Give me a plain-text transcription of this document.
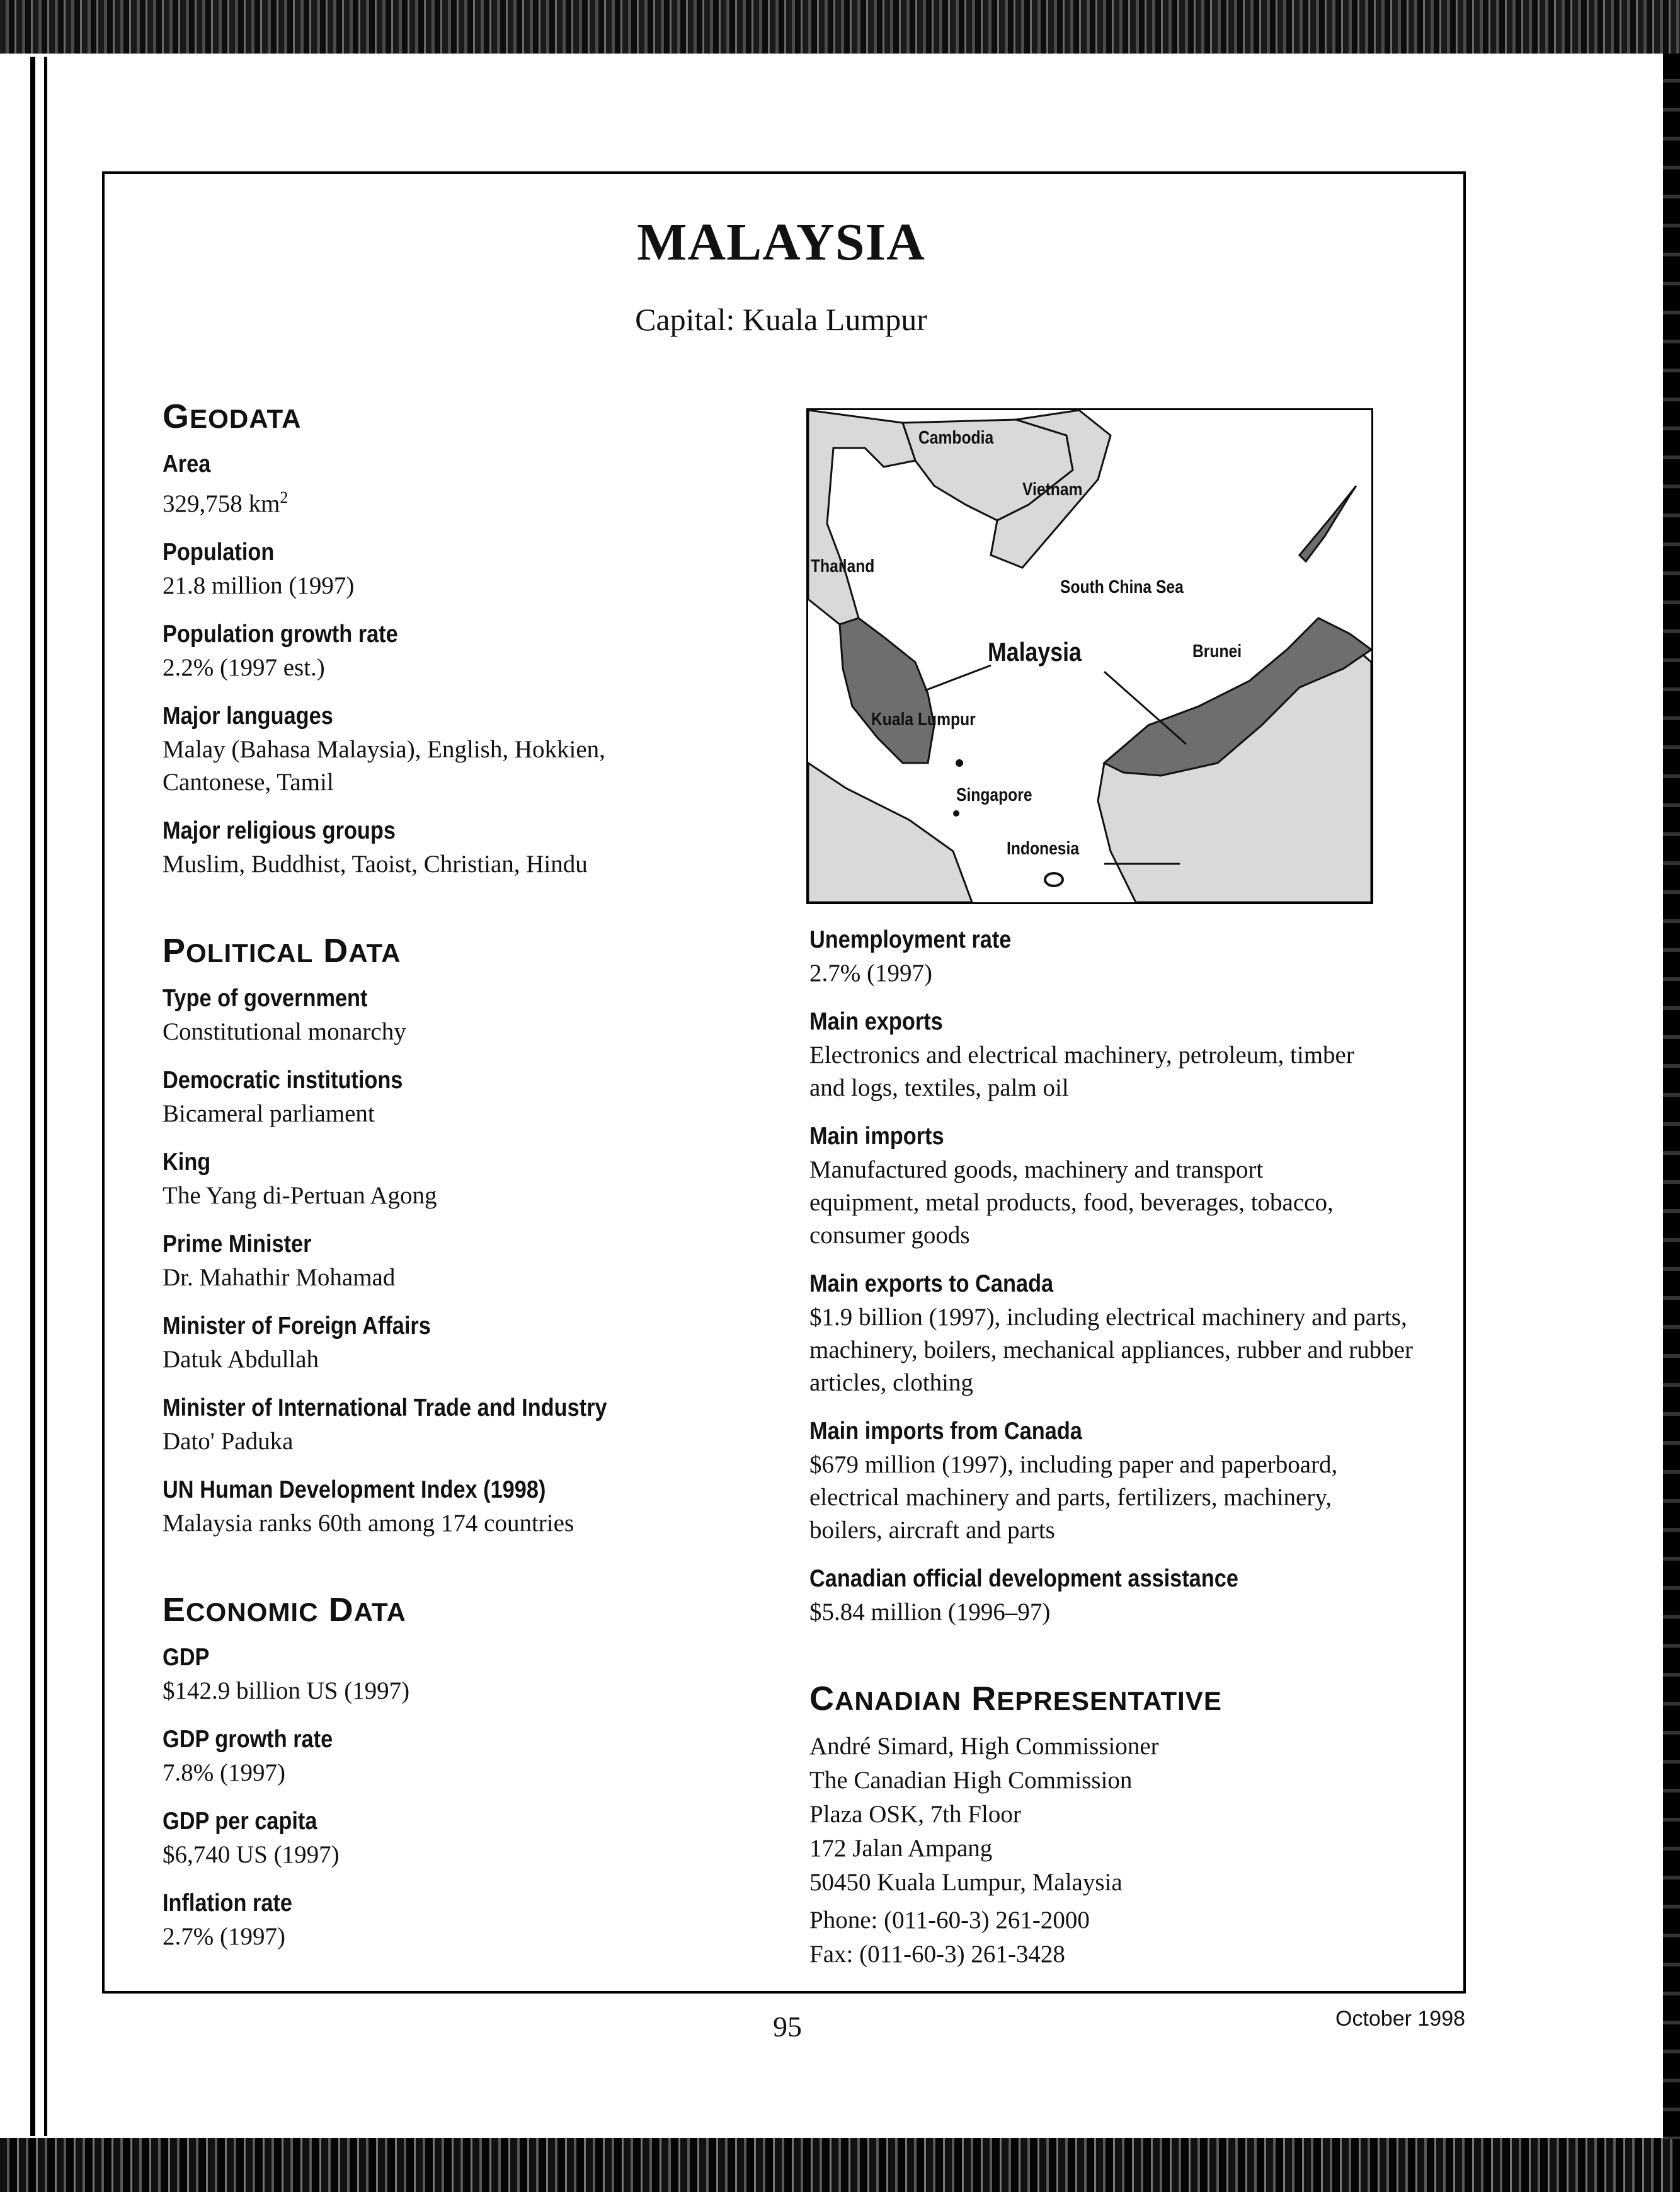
MALAYSIA
Capital: Kuala Lumpur
GEODATA

Area

329,758 $km^2$

Population

21.8 million (1997)

Population growth rate

2.2% (1997 est.)

Major languages

Malay (Bahasa Malaysia), English, Hokkien, Cantonese, Tamil

Major religious groups

Muslim, Buddhist, Taoist, Christian, Hindu

POLITICAL DATA

Type of government

Constitutional monarchy

Democratic institutions

Bicameral parliament

King

The Yang di-Pertuan Agong

Prime Minister

Dr. Mahathir Mohamad

Minister of Foreign Affairs

Datuk Abdullah

Minister of International Trade and Industry

Dato' Paduka

UN Human Development Index (1998)

Malaysia ranks 60th among 174 countries

ECONOMIC DATA

GDP

$142.9 billion US (1997)

GDP growth rate

7.8% (1997)

GDP per capita

$6,740 US (1997)

Inflation rate

2.7% (1997)

Cambodia
Vietnam
Thailand
South China Sea
Malaysia	Brunei
Kuala Lumpur
Singapore
Indonesia

Unemployment rate

2.7% (1997)

Main exports

Electronics and electrical machinery, petroleum, timber and logs, textiles, palm oil

Main imports

Manufactured goods, machinery and transport equipment, metal products, food, beverages, tobacco, consumer goods

Main exports to Canada

$1.9 billion (1997), including electrical machinery and parts, machinery, boilers, mechanical appliances, rubber and rubber articles, clothing

Main imports from Canada

$679 million (1997), including paper and paperboard, electrical machinery and parts, fertilizers, machinery, boilers, aircraft and parts

Canadian official development assistance

$5.84 million (1996–97)

CANADIAN REPRESENTATIVE
André Simard, High Commissioner
The Canadian High Commission
Plaza OSK, 7th Floor
172 Jalan Ampang
50450 Kuala Lumpur, Malaysia
Phone: (011-60-3) 261-2000
Fax: (011-60-3) 261-3428
95	October 1998
